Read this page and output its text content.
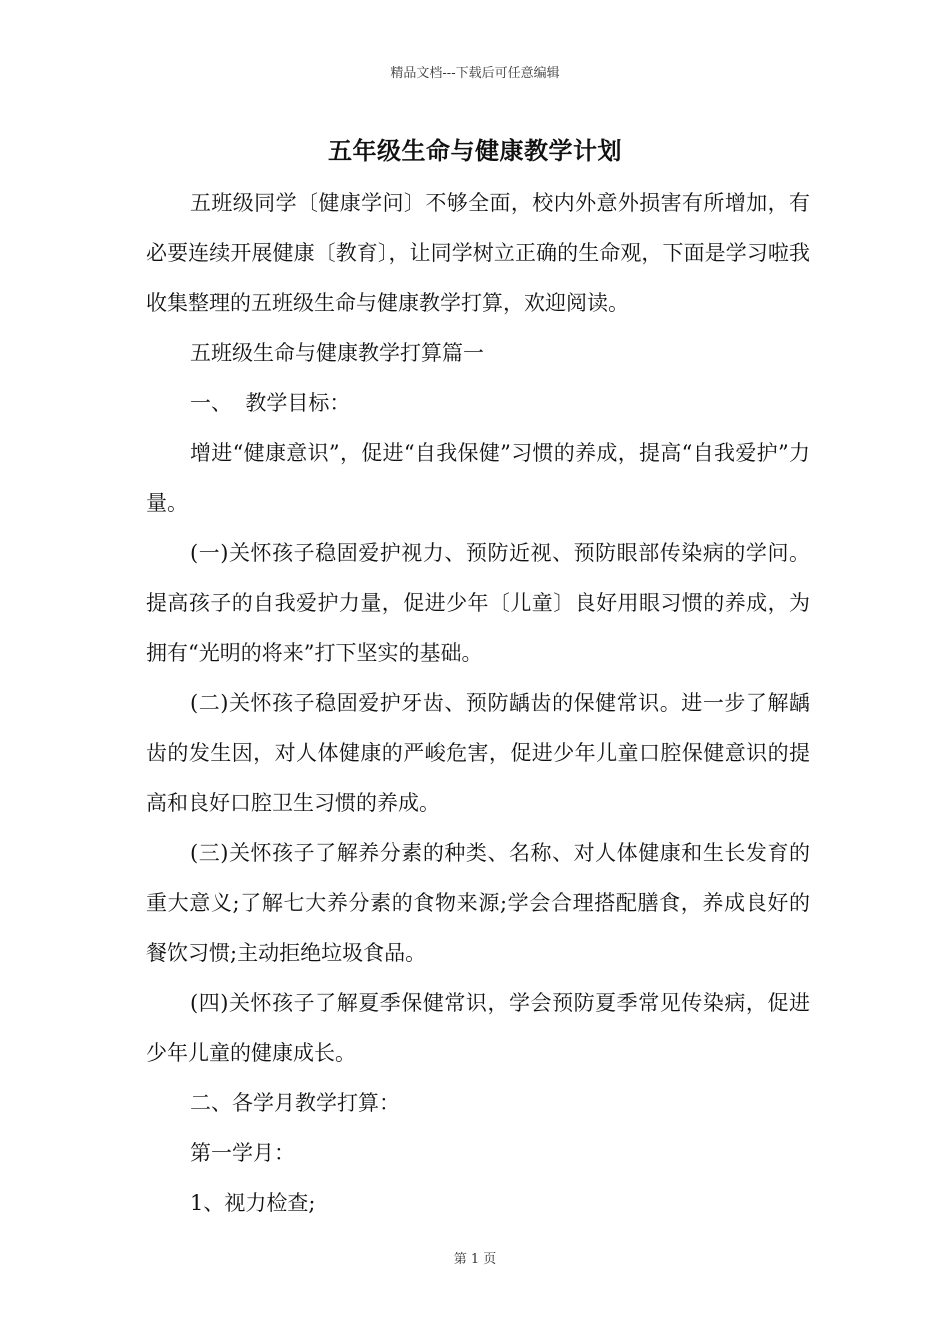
精品文档---下载后可任意编辑
五年级生命与健康教学计划

五班级同学〔健康学问〕不够全面，校内外意外损害有所增加，有必要连续开展健康〔教育〕，让同学树立正确的生命观，下面是学习啦我收集整理的五班级生命与健康教学打算，欢迎阅读。

五班级生命与健康教学打算篇一

一、  教学目标：

增进“健康意识”，促进“自我保健”习惯的养成，提高“自我爱护”力量。

(一)关怀孩子稳固爱护视力、预防近视、预防眼部传染病的学问。 提高孩子的自我爱护力量，促进少年〔儿童〕良好用眼习惯的养成，为拥有“光明的将来”打下坚实的基础。

(二)关怀孩子稳固爱护牙齿、预防龋齿的保健常识。进一步了解龋齿的发生因，对人体健康的严峻危害，促进少年儿童口腔保健意识的提高和良好口腔卫生习惯的养成。

(三)关怀孩子了解养分素的种类、名称、对人体健康和生长发育的重大意义;了解七大养分素的食物来源;学会合理搭配膳食，养成良好的餐饮习惯;主动拒绝垃圾食品。

(四)关怀孩子了解夏季保健常识，学会预防夏季常见传染病，促进少年儿童的健康成长。

二、各学月教学打算：

第一学月：

1、视力检查;

第 1 页
